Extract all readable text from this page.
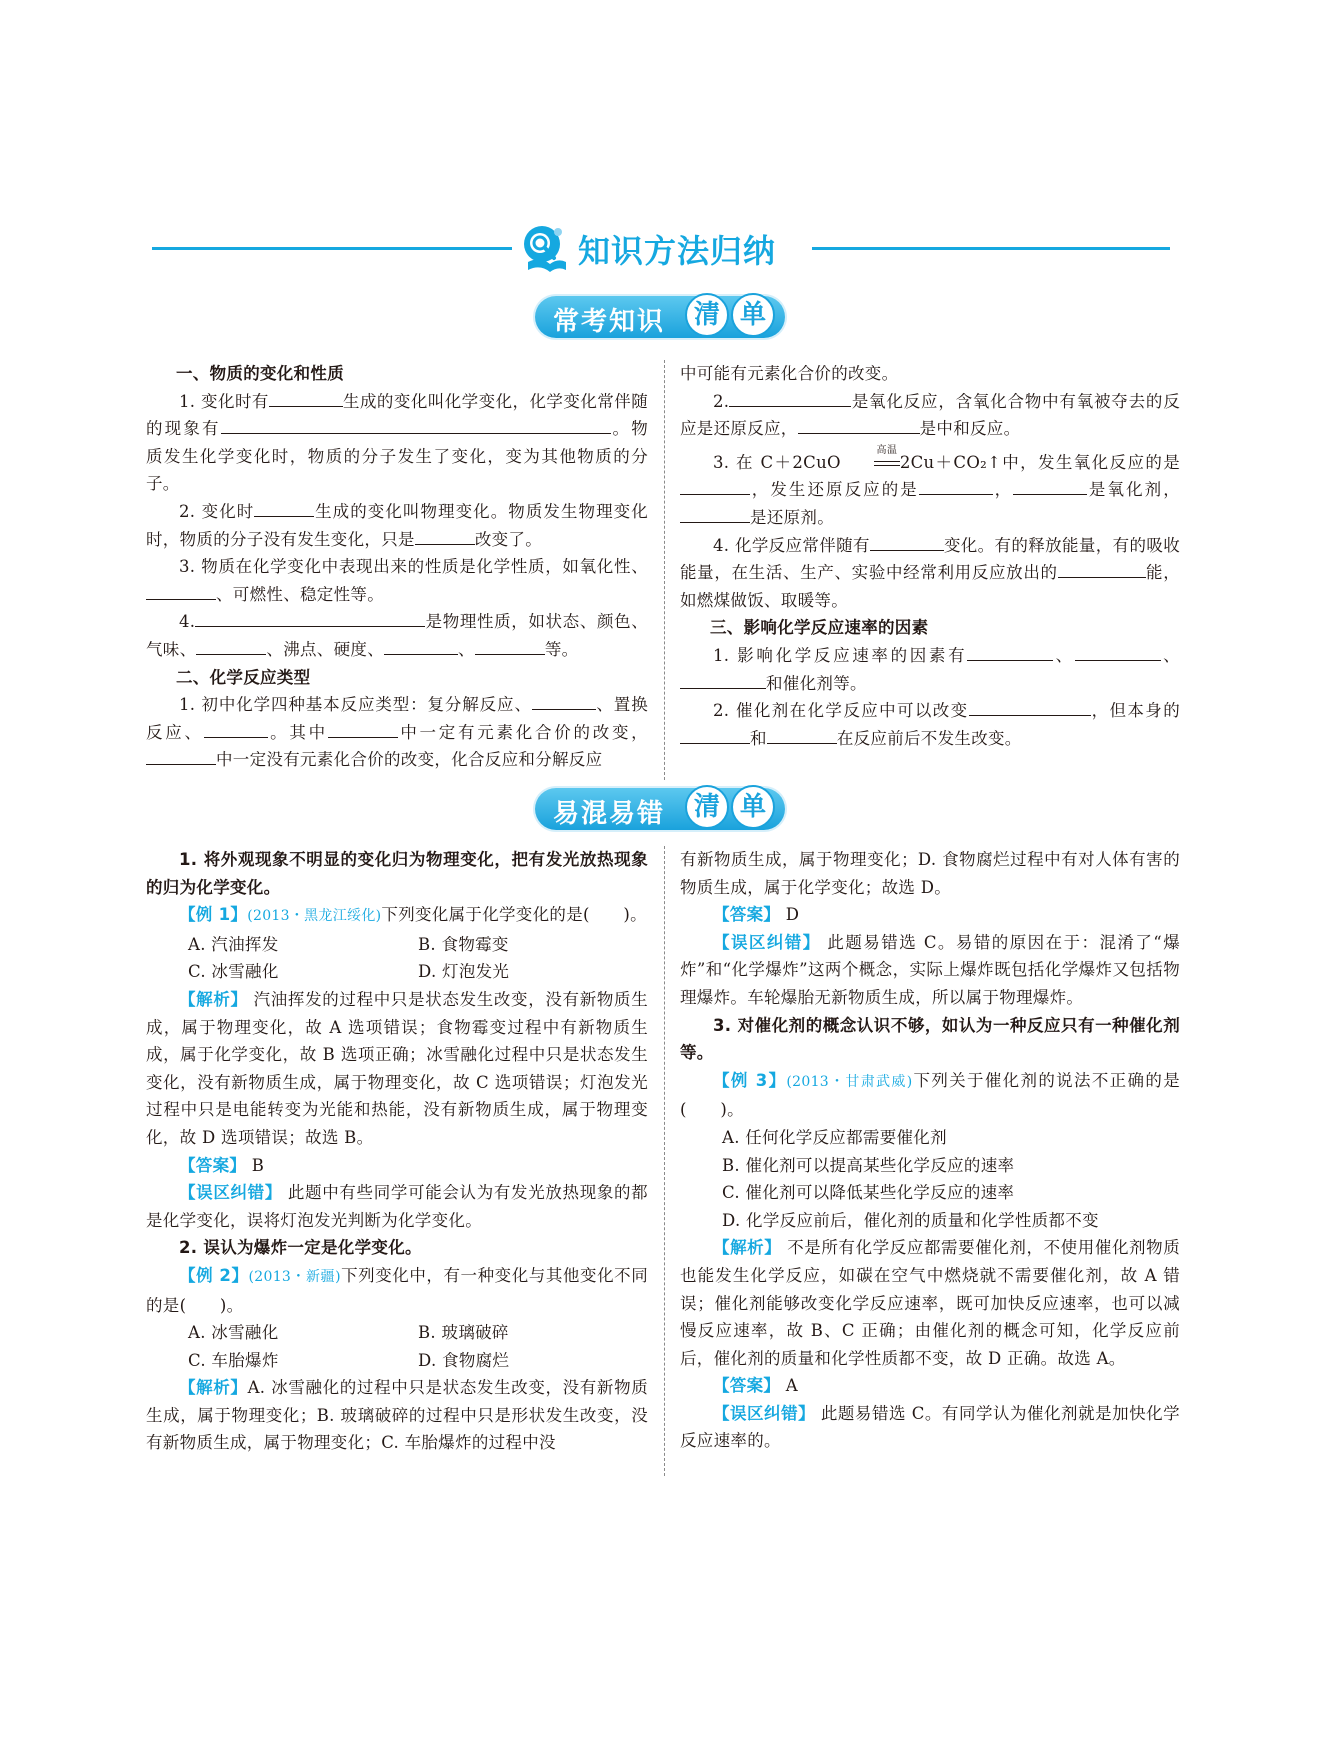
知识方法归纳
常考知识	清 单

一、物质的变化和性质

1. 变化时有	生成的变化叫化学变化，化学变化常伴随的现象有	。物质发生化学变化时，物质的分子发生了变化，变为其他物质的分子。

2. 变化时	生成的变化叫物理变化。物质发生物理变化时，物质的分子没有发生变化，只是	改变了。

3. 物质在化学变化中表现出来的性质是化学性质，如氧化性、、可燃性、稳定性等。

4.	是物理性质，如状态、颜色、气味、	、沸点、硬度、	、	等。

二、化学反应类型

1. 初中化学四种基本反应类型：复分解反应、	、置换反应、	。其中	中一定有元素化合价的改变，中一定没有元素化合价的改变，化合反应和分解反应

中可能有元素化合价的改变。

2.	是氧化反应，含氧化合物中有氧被夺去的反应是还原反应，	是中和反应。

3. 在 C＋2CuO
高温
2Cu＋CO₂↑中，发生氧化反应的是，发生还原反应的是	，	是氧化剂，是还原剂。

4. 化学反应常伴随有	变化。有的释放能量，有的吸收能量，在生活、生产、实验中经常利用反应放出的	能，如燃煤做饭、取暖等。

三、影响化学反应速率的因素

1. 影响化学反应速率的因素有	、	、和催化剂等。

2. 催化剂在化学反应中可以改变	，但本身的和	在反应前后不发生改变。

易混易错	清 单

1. 将外观现象不明显的变化归为物理变化，把有发光放热现象的归为化学变化。

【例 1】(2013・黑龙江绥化)下列变化属于化学变化的是(　　)。

A. 汽油挥发	B. 食物霉变
C. 冰雪融化	D. 灯泡发光

【解析】 汽油挥发的过程中只是状态发生改变，没有新物质生成，属于物理变化，故 A 选项错误；食物霉变过程中有新物质生成，属于化学变化，故 B 选项正确；冰雪融化过程中只是状态发生变化，没有新物质生成，属于物理变化，故 C 选项错误；灯泡发光过程中只是电能转变为光能和热能，没有新物质生成，属于物理变化，故 D 选项错误；故选 B。

【答案】 B

【误区纠错】 此题中有些同学可能会认为有发光放热现象的都是化学变化，误将灯泡发光判断为化学变化。

2. 误认为爆炸一定是化学变化。

【例 2】(2013・新疆)下列变化中，有一种变化与其他变化不同的是(　　)。

A. 冰雪融化	B. 玻璃破碎
C. 车胎爆炸	D. 食物腐烂

【解析】A. 冰雪融化的过程中只是状态发生改变，没有新物质生成，属于物理变化；B. 玻璃破碎的过程中只是形状发生改变，没有新物质生成，属于物理变化；C. 车胎爆炸的过程中没

有新物质生成，属于物理变化；D. 食物腐烂过程中有对人体有害的物质生成，属于化学变化；故选 D。

【答案】 D

【误区纠错】 此题易错选 C。易错的原因在于：混淆了“爆炸”和“化学爆炸”这两个概念，实际上爆炸既包括化学爆炸又包括物理爆炸。车轮爆胎无新物质生成，所以属于物理爆炸。

3. 对催化剂的概念认识不够，如认为一种反应只有一种催化剂等。

【例 3】(2013・甘肃武威)下列关于催化剂的说法不正确的是(　　)。

A. 任何化学反应都需要催化剂

B. 催化剂可以提高某些化学反应的速率

C. 催化剂可以降低某些化学反应的速率

D. 化学反应前后，催化剂的质量和化学性质都不变

【解析】 不是所有化学反应都需要催化剂，不使用催化剂物质也能发生化学反应，如碳在空气中燃烧就不需要催化剂，故 A 错误；催化剂能够改变化学反应速率，既可加快反应速率，也可以减慢反应速率，故 B、C 正确；由催化剂的概念可知，化学反应前后，催化剂的质量和化学性质都不变，故 D 正确。故选 A。

【答案】 A

【误区纠错】 此题易错选 C。有同学认为催化剂就是加快化学反应速率的。
